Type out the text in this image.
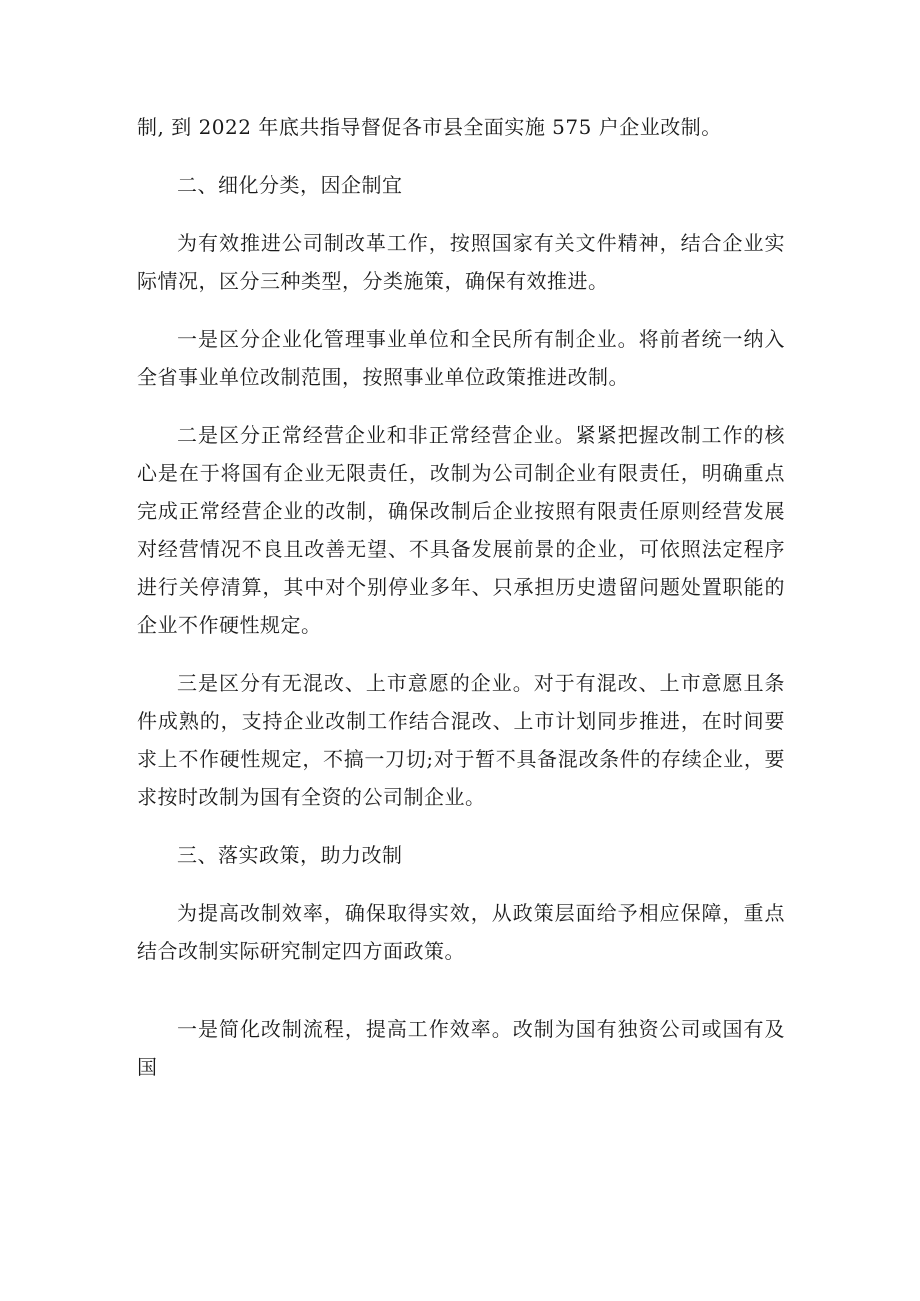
制, 到 2022 年底共指导督促各市县全面实施 575 户企业改制。

二、细化分类，因企制宜

为有效推进公司制改革工作，按照国家有关文件精神，结合企业实际情况，区分三种类型，分类施策，确保有效推进。

一是区分企业化管理事业单位和全民所有制企业。将前者统一纳入全省事业单位改制范围，按照事业单位政策推进改制。

二是区分正常经营企业和非正常经营企业。紧紧把握改制工作的核心是在于将国有企业无限责任，改制为公司制企业有限责任，明确重点完成正常经营企业的改制，确保改制后企业按照有限责任原则经营发展对经营情况不良且改善无望、不具备发展前景的企业，可依照法定程序进行关停清算，其中对个别停业多年、只承担历史遗留问题处置职能的企业不作硬性规定。

三是区分有无混改、上市意愿的企业。对于有混改、上市意愿且条件成熟的，支持企业改制工作结合混改、上市计划同步推进，在时间要求上不作硬性规定，不搞一刀切;对于暂不具备混改条件的存续企业，要求按时改制为国有全资的公司制企业。

三、落实政策，助力改制

为提高改制效率，确保取得实效，从政策层面给予相应保障，重点结合改制实际研究制定四方面政策。

一是简化改制流程，提高工作效率。改制为国有独资公司或国有及国
